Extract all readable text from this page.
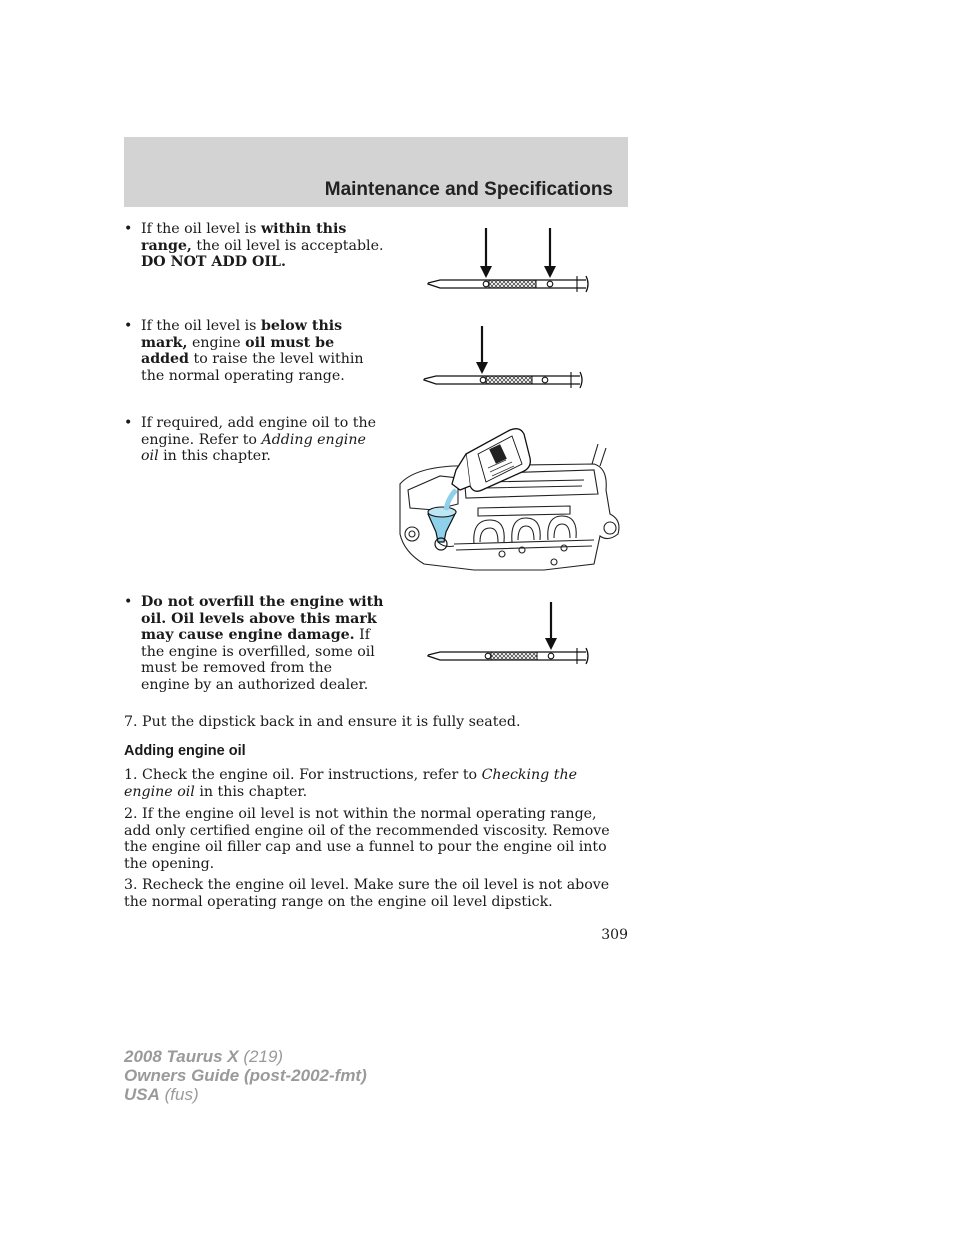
Maintenance and Specifications
• If the oil level is within this range, the oil level is acceptable. DO NOT ADD OIL.
• If the oil level is below this mark, engine oil must be added to raise the level within the normal operating range.
• If required, add engine oil to the engine. Refer to Adding engine oil in this chapter.
• Do not overfill the engine with oil. Oil levels above this mark may cause engine damage. If the engine is overfilled, some oil must be removed from the engine by an authorized dealer.
7. Put the dipstick back in and ensure it is fully seated.
Adding engine oil
1. Check the engine oil. For instructions, refer to Checking the engine oil in this chapter.
2. If the engine oil level is not within the normal operating range, add only certified engine oil of the recommended viscosity. Remove the engine oil filler cap and use a funnel to pour the engine oil into the opening.
3. Recheck the engine oil level. Make sure the oil level is not above the normal operating range on the engine oil level dipstick.
309
2008 Taurus X (219)
Owners Guide (post-2002-fmt)
USA (fus)
